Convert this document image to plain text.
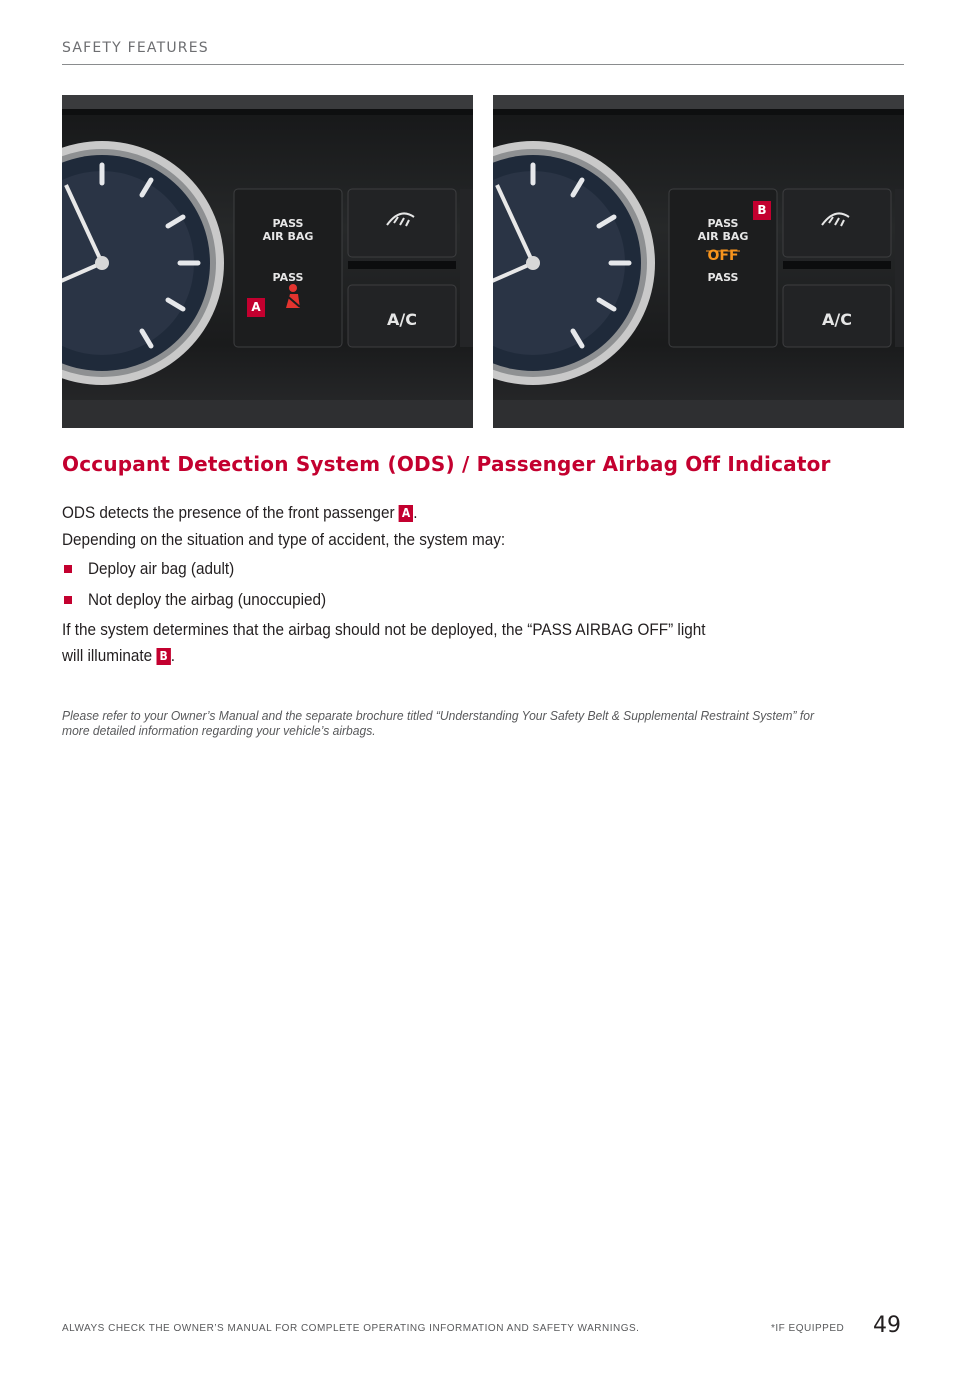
SAFETY FEATURES
PASS
AIR BAG
PASS
A/C
A
PASS
AIR BAG
OFF
PASS
A/C
B
Occupant Detection System (ODS) / Passenger Airbag Off Indicator
ODS detects the presence of the front passenger A .
Depending on the situation and type of accident, the system may:
Deploy air bag (adult)
Not deploy the airbag (unoccupied)
If the system determines that the airbag should not be deployed, the “PASS AIRBAG OFF” light
will illuminate B .
Please refer to your Owner’s Manual and the separate brochure titled “Understanding Your Safety Belt & Supplemental Restraint System” for more detailed information regarding your vehicle’s airbags.
ALWAYS CHECK THE OWNER’S MANUAL FOR COMPLETE OPERATING INFORMATION AND SAFETY WARNINGS.	*IF EQUIPPED 49
